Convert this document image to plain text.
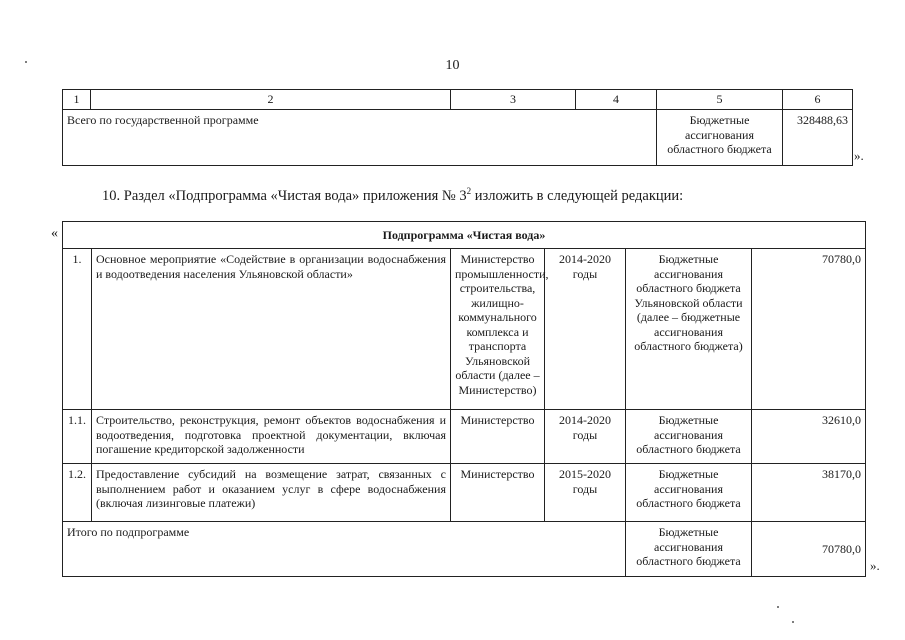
10
1	2	3	4	5	6
Всего по государственной программе				Бюджетные ассигнования областного бюджета	328488,63
».
10. Раздел «Подпрограмма «Чистая вода» приложения № $3^2$ изложить в следующей редакции:
«	Подпрограмма «Чистая вода»					
1.	Основное мероприятие «Содействие в организации водоснабжения и водоотведения населения Ульяновской области»	Министерство промышленности, строительства, жилищно-коммунального комплекса и транспорта Ульяновской области (далее – Министерство)	2014-2020 годы	Бюджетные ассигнования областного бюджета Ульяновской области (далее – бюджетные ассигнования областного бюджета)	70780,0
1.1.	Строительство, реконструкция, ремонт объектов водоснабжения и водоотведения, подготовка проектной документации, включая погашение кредиторской задолженности	Министерство	2014-2020 годы	Бюджетные ассигнования областного бюджета	32610,0
1.2.	Предоставление субсидий на возмещение затрат, связанных с выполнением работ и оказанием услуг в сфере водоснабжения (включая лизинговые платежи)	Министерство	2015-2020 годы	Бюджетные ассигнования областного бюджета	38170,0
Итого по подпрограмме				Бюджетные ассигнования областного бюджета	70780,0
».
